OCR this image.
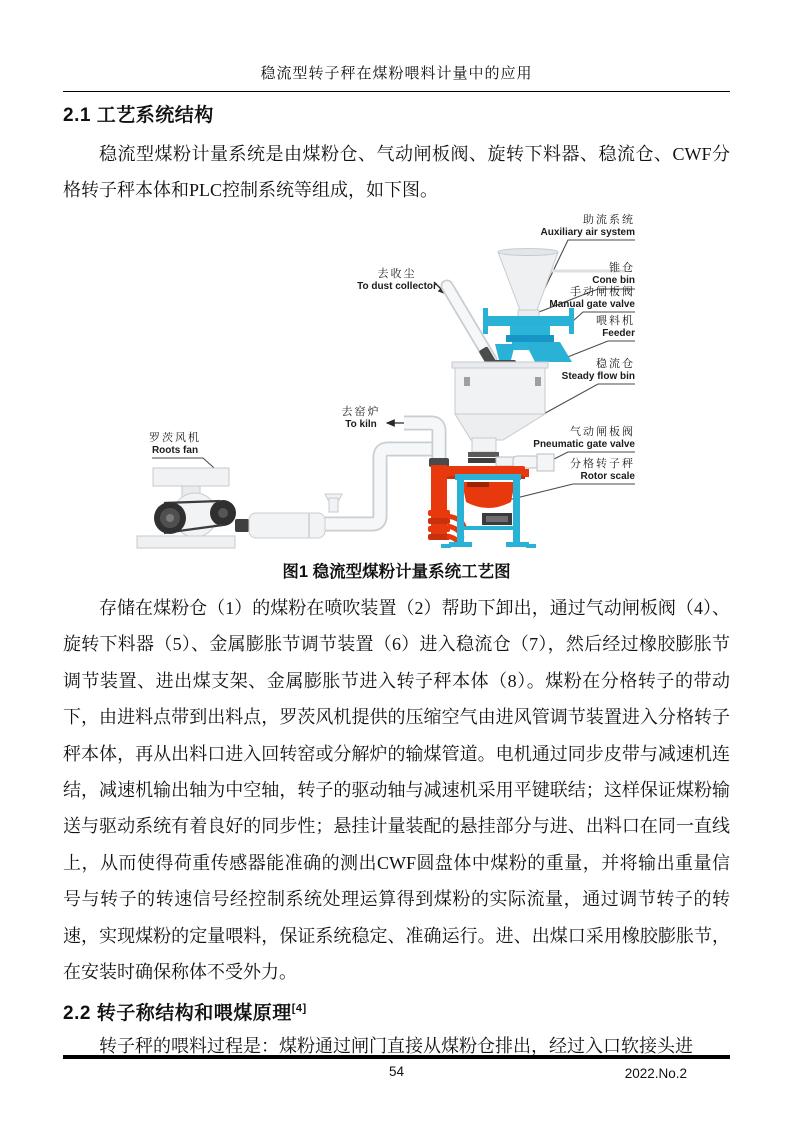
稳流型转子秤在煤粉喂料计量中的应用
2.1 工艺系统结构

稳流型煤粉计量系统是由煤粉仓、气动闸板阀、旋转下料器、稳流仓、CWF分格转子秤本体和PLC控制系统等组成，如下图。

助流系统
Auxiliary air system
锥仓
Cone bin
手动闸板阀
Manual gate valve
喂料机
Feeder
稳流仓
Steady flow bin
气动闸板阀
Pneumatic gate valve
分格转子秤
Rotor scale
去收尘
To dust collector
去窑炉
To kiln
罗茨风机
Roots fan
图1 稳流型煤粉计量系统工艺图

存储在煤粉仓（1）的煤粉在喷吹装置（2）帮助下卸出，通过气动闸板阀（4）、旋转下料器（5）、金属膨胀节调节装置（6）进入稳流仓（7），然后经过橡胶膨胀节调节装置、进出煤支架、金属膨胀节进入转子秤本体（8）。煤粉在分格转子的带动下，由进料点带到出料点，罗茨风机提供的压缩空气由进风管调节装置进入分格转子秤本体，再从出料口进入回转窑或分解炉的输煤管道。电机通过同步皮带与减速机连结，减速机输出轴为中空轴，转子的驱动轴与减速机采用平键联结；这样保证煤粉输送与驱动系统有着良好的同步性；悬挂计量装配的悬挂部分与进、出料口在同一直线上，从而使得荷重传感器能准确的测出CWF圆盘体中煤粉的重量，并将输出重量信号与转子的转速信号经控制系统处理运算得到煤粉的实际流量，通过调节转子的转速，实现煤粉的定量喂料，保证系统稳定、准确运行。进、出煤口采用橡胶膨胀节，在安装时确保称体不受外力。

2.2 转子称结构和喂煤原理[4]

转子秤的喂料过程是：煤粉通过闸门直接从煤粉仓排出，经过入口软接头进

54	2022.No.2
